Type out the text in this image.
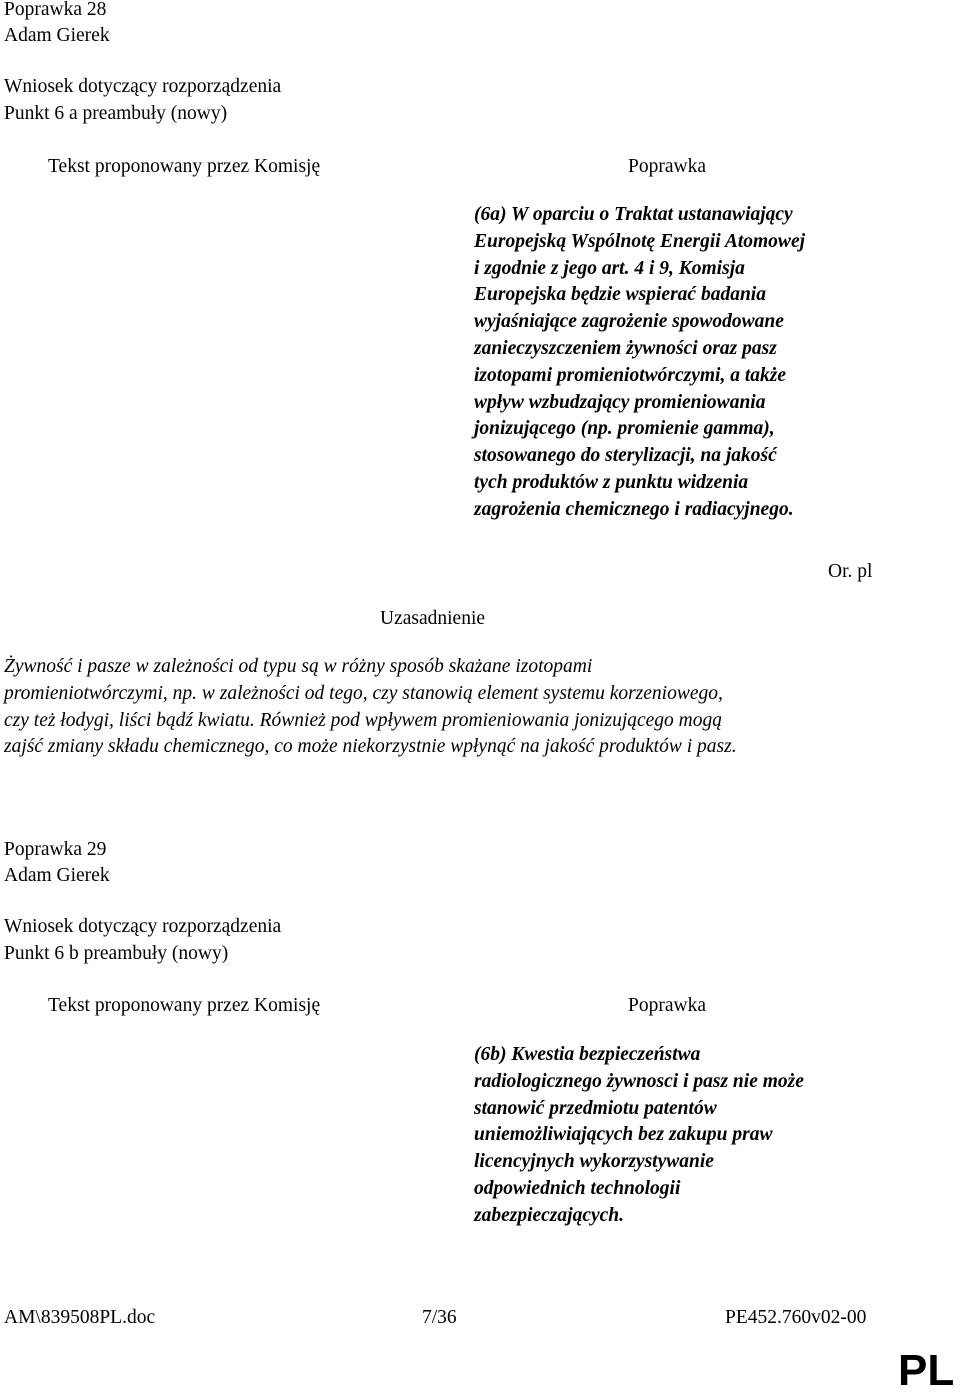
Poprawka 28
Adam Gierek
Wniosek dotyczący rozporządzenia
Punkt 6 a preambuły (nowy)
Tekst proponowany przez Komisję	Poprawka
(6a) W oparciu o Traktat ustanawiający
Europejską Wspólnotę Energii Atomowej
i zgodnie z jego art. 4 i 9, Komisja
Europejska będzie wspierać badania
wyjaśniające zagrożenie spowodowane
zanieczyszczeniem żywności oraz pasz
izotopami promieniotwórczymi, a także
wpływ wzbudzający promieniowania
jonizującego (np. promienie gamma),
stosowanego do sterylizacji, na jakość
tych produktów z punktu widzenia
zagrożenia chemicznego i radiacyjnego.
Or. pl
Uzasadnienie
Żywność i pasze w zależności od typu są w różny sposób skażane izotopami
promieniotwórczymi, np. w zależności od tego, czy stanowią element systemu korzeniowego,
czy też łodygi, liści bądź kwiatu. Również pod wpływem promieniowania jonizującego mogą
zajść zmiany składu chemicznego, co może niekorzystnie wpłynąć na jakość produktów i pasz.
Poprawka 29
Adam Gierek
Wniosek dotyczący rozporządzenia
Punkt 6 b preambuły (nowy)
Tekst proponowany przez Komisję	Poprawka
(6b) Kwestia bezpieczeństwa
radiologicznego żywnosci i pasz nie może
stanowić przedmiotu patentów
uniemożliwiających bez zakupu praw
licencyjnych wykorzystywanie
odpowiednich technologii
zabezpieczających.
AM\839508PL.doc	7/36	PE452.760v02-00
PL
